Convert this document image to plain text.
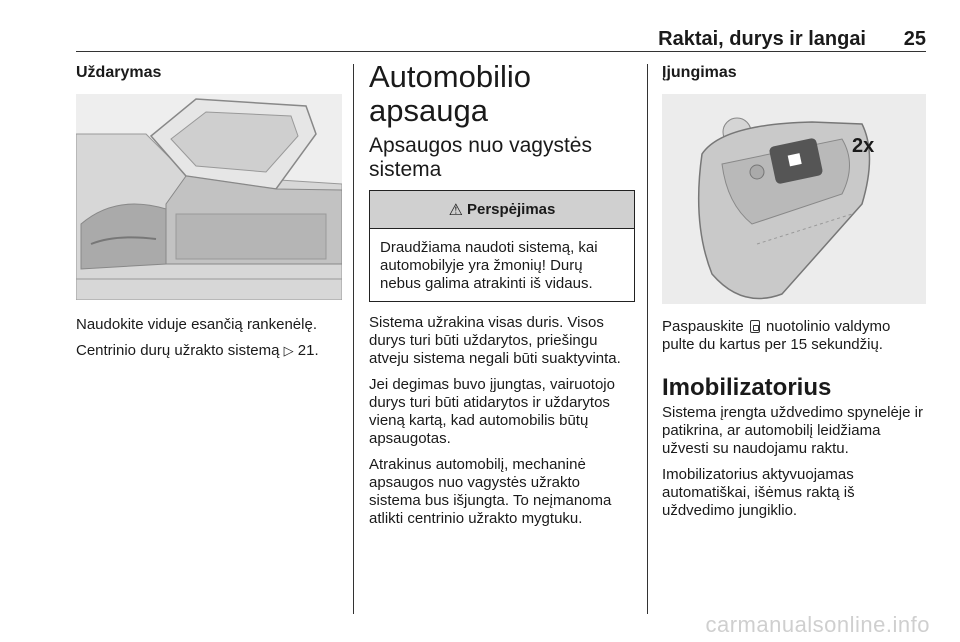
Raktai, durys ir langai 25
Uždarymas

Naudokite viduje esančią rankenėlę.

Centrinio durų užrakto sistemą ▷ 21.

Automobilio apsauga
Apsaugos nuo vagystės sistema
⚠ Perspėjimas
Draudžiama naudoti sistemą, kai automobilyje yra žmonių! Durų nebus galima atrakinti iš vidaus.

Sistema užrakina visas duris. Visos durys turi būti uždarytos, priešingu atveju sistema negali būti suaktyvinta.

Jei degimas buvo įjungtas, vairuotojo durys turi būti atidarytos ir uždarytos vieną kartą, kad automobilis būtų apsaugotas.

Atrakinus automobilį, mechaninė apsaugos nuo vagystės užrakto sistema bus išjungta. To neįmanoma atlikti centrinio užrakto mygtuku.

Įjungimas
2x

Paspauskite  nuotolinio valdymo pulte du kartus per 15 sekundžių.

Imobilizatorius

Sistema įrengta uždvedimo spynelėje ir patikrina, ar automobilį leidžiama užvesti su naudojamu raktu.

Imobilizatorius aktyvuojamas automatiškai, išėmus raktą iš uždvedimo jungiklio.

carmanualsonline.info
